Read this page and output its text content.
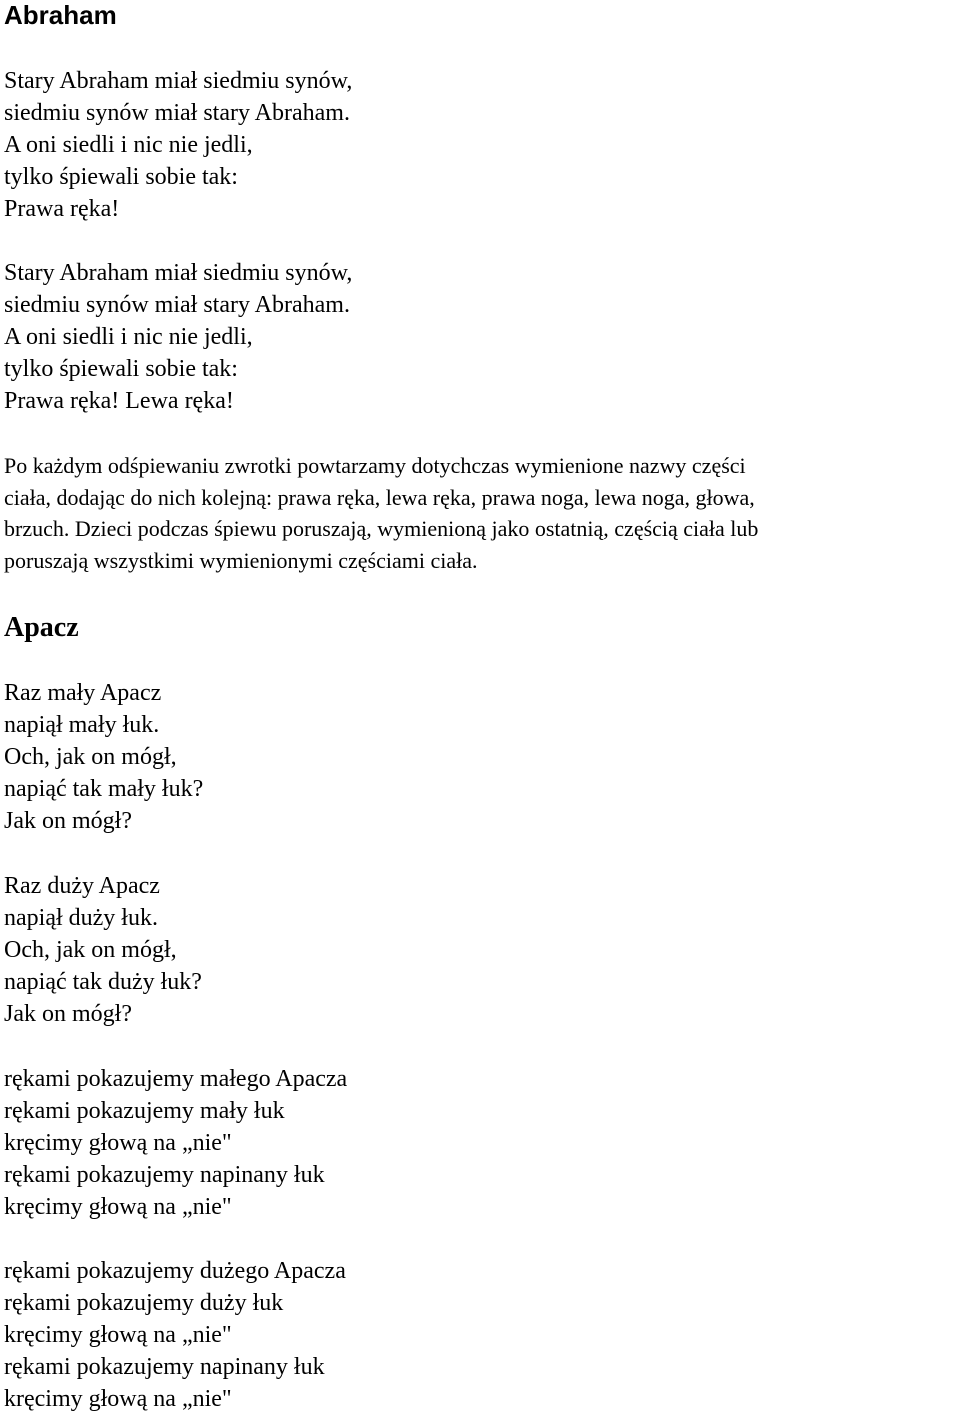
Abraham
Stary Abraham miał siedmiu synów,
siedmiu synów miał stary Abraham.
A oni siedli i nic nie jedli,
tylko śpiewali sobie tak:
Prawa ręka!
Stary Abraham miał siedmiu synów,
siedmiu synów miał stary Abraham.
A oni siedli i nic nie jedli,
tylko śpiewali sobie tak:
Prawa ręka! Lewa ręka!
Po każdym odśpiewaniu zwrotki powtarzamy dotychczas wymienione nazwy części
ciała, dodając do nich kolejną: prawa ręka, lewa ręka, prawa noga, lewa noga, głowa,
brzuch. Dzieci podczas śpiewu poruszają, wymienioną jako ostatnią, częścią ciała lub
poruszają wszystkimi wymienionymi częściami ciała.
Apacz
Raz mały Apacz
napiął mały łuk.
Och, jak on mógł,
napiąć tak mały łuk?
Jak on mógł?
Raz duży Apacz
napiął duży łuk.
Och, jak on mógł,
napiąć tak duży łuk?
Jak on mógł?
rękami pokazujemy małego Apacza
rękami pokazujemy mały łuk
kręcimy głową na „nie"
rękami pokazujemy napinany łuk
kręcimy głową na „nie"
rękami pokazujemy dużego Apacza
rękami pokazujemy duży łuk
kręcimy głową na „nie"
rękami pokazujemy napinany łuk
kręcimy głową na „nie"
